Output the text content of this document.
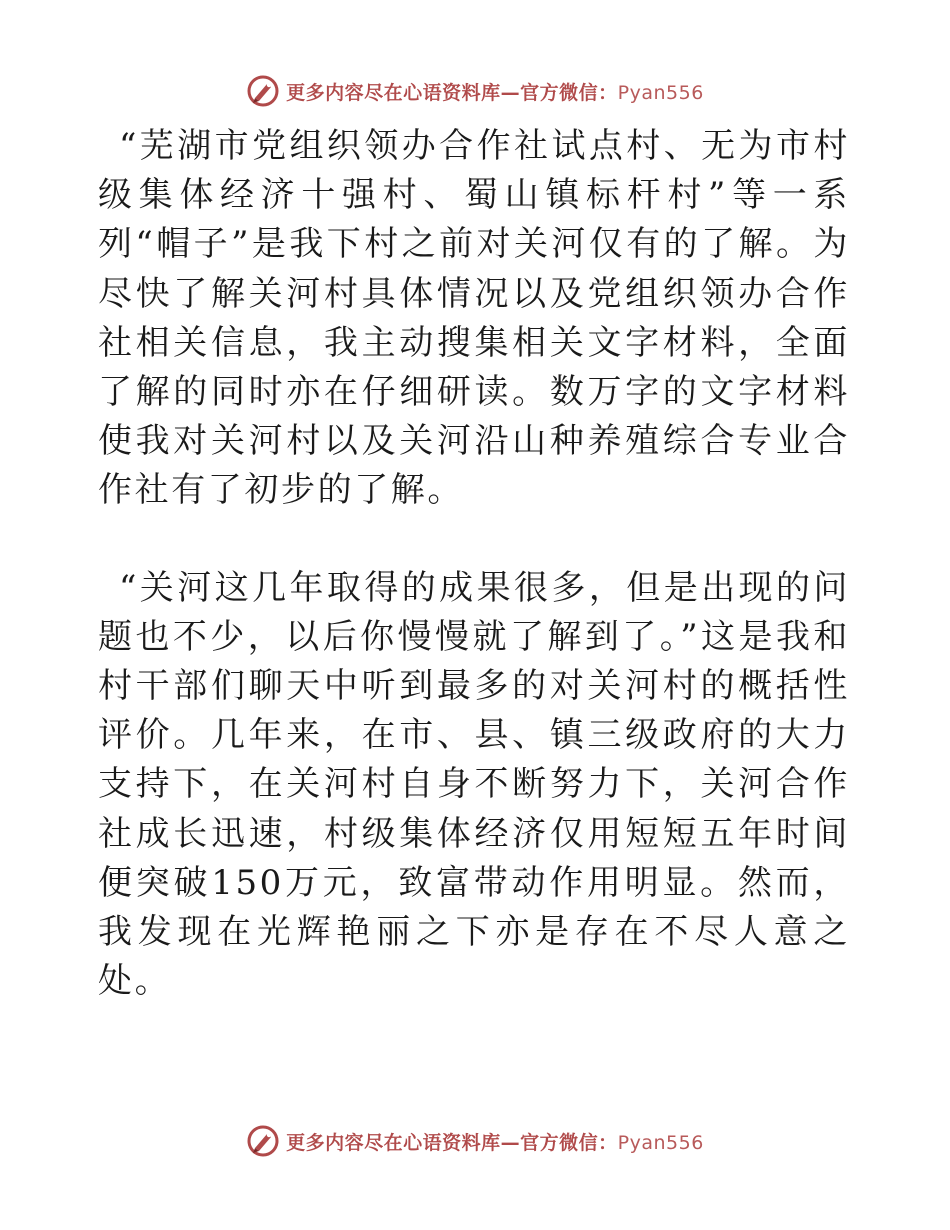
更多内容尽在心语资料库—官方微信：Pyan556

“芜湖市党组织领办合作社试点村、无为市村级集体经济十强村、蜀山镇标杆村”等一系列“帽子”是我下村之前对关河仅有的了解。为尽快了解关河村具体情况以及党组织领办合作社相关信息，我主动搜集相关文字材料，全面了解的同时亦在仔细研读。数万字的文字材料使我对关河村以及关河沿山种养殖综合专业合作社有了初步的了解。

“关河这几年取得的成果很多，但是出现的问题也不少，以后你慢慢就了解到了。”这是我和村干部们聊天中听到最多的对关河村的概括性评价。几年来，在市、县、镇三级政府的大力支持下，在关河村自身不断努力下，关河合作社成长迅速，村级集体经济仅用短短五年时间便突破150万元，致富带动作用明显。然而，我发现在光辉艳丽之下亦是存在不尽人意之处。

更多内容尽在心语资料库—官方微信：Pyan556
